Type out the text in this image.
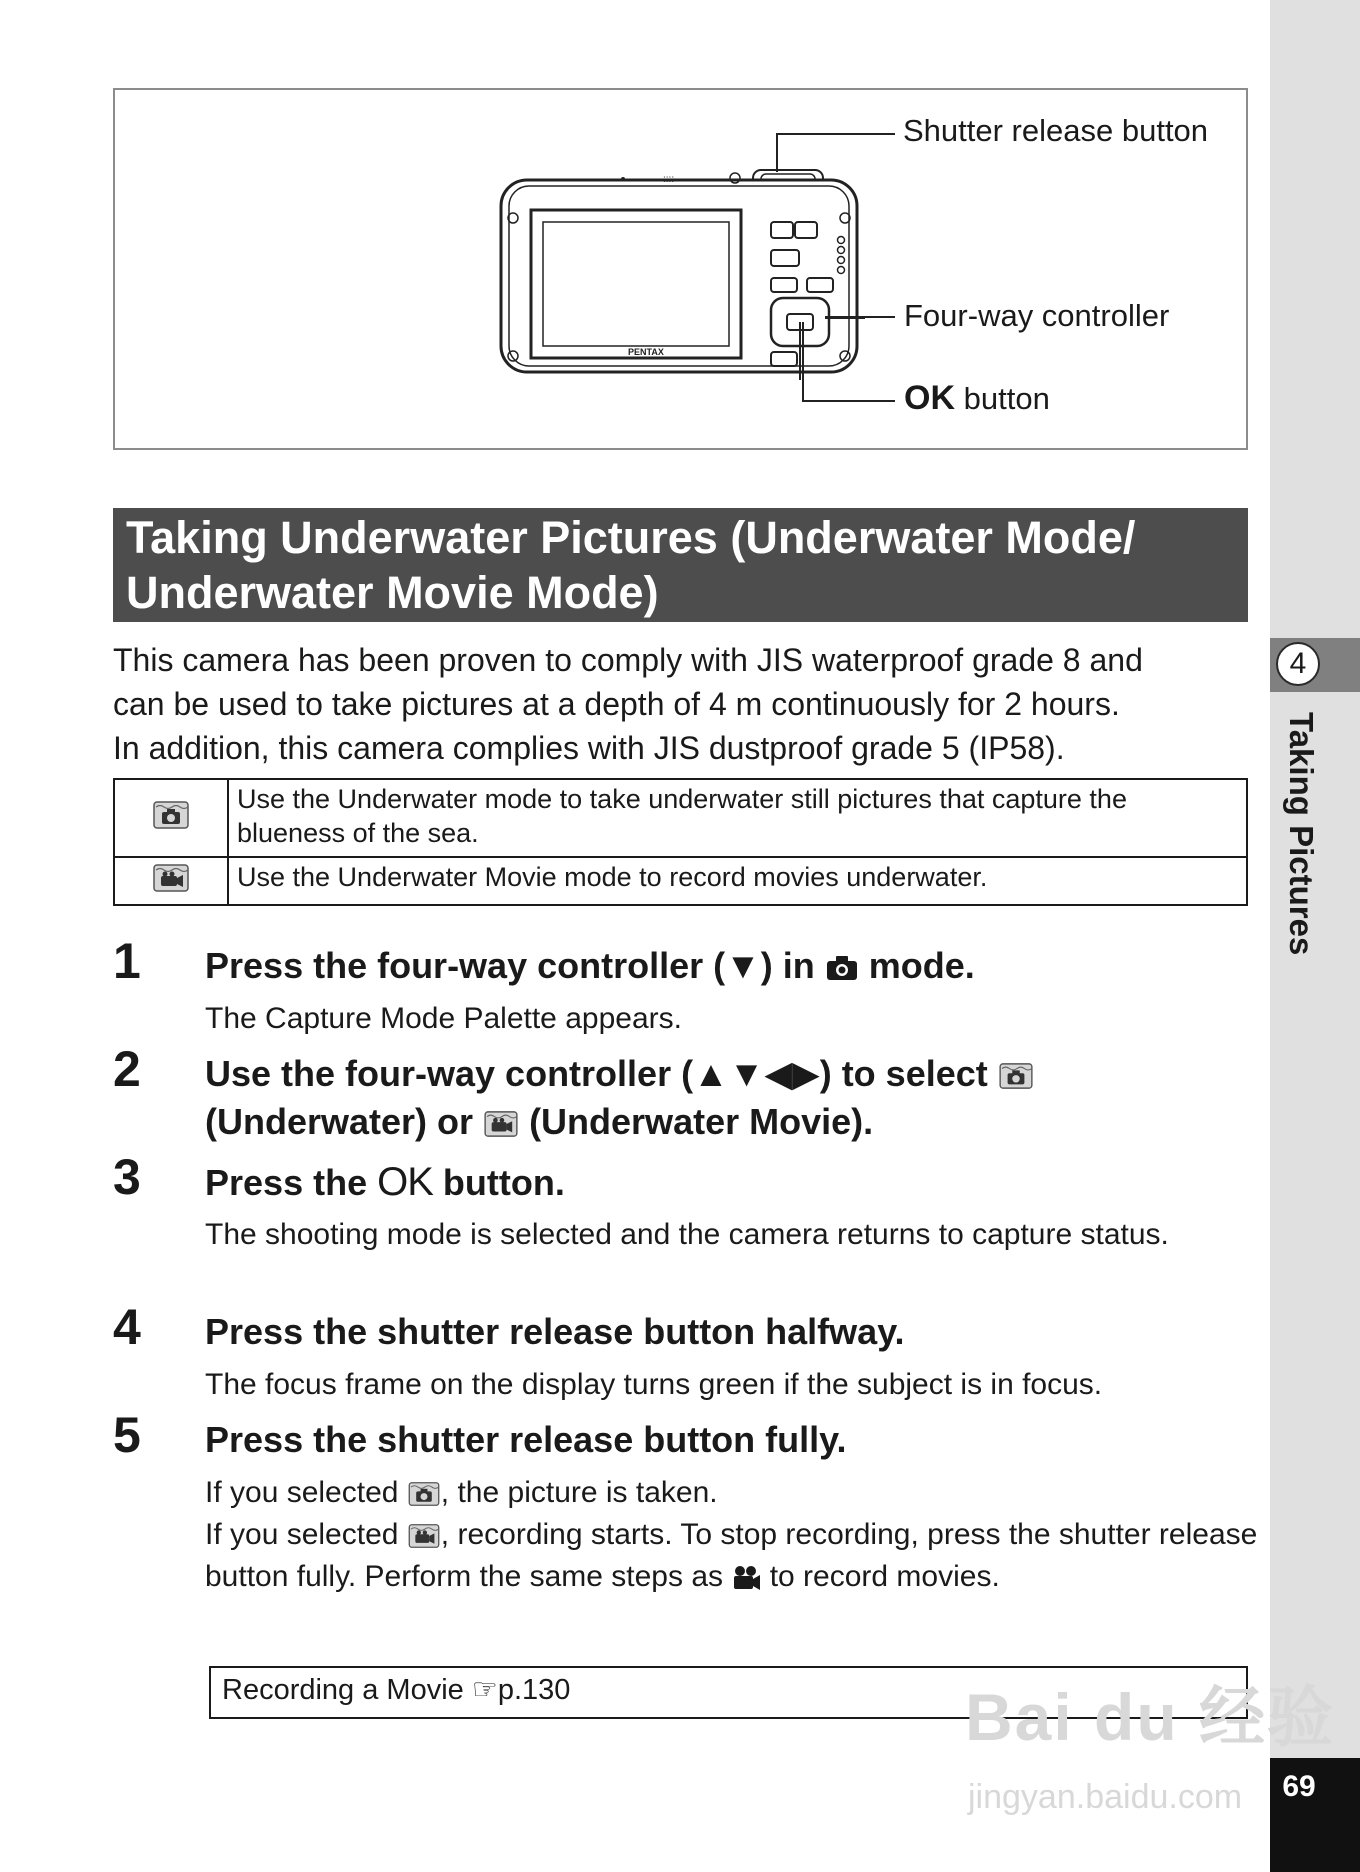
4
Taking Pictures
69
::::
PENTAX
Shutter release button
Four-way controller
OK button
Taking Underwater Pictures (Underwater Mode/
Underwater Movie Mode)
This camera has been proven to comply with JIS waterproof grade 8 and
can be used to take pictures at a depth of 4 m continuously for 2 hours.
In addition, this camera complies with JIS dustproof grade 5 (IP58).
	Use the Underwater mode to take underwater still pictures that capture the blueness of the sea.
	Use the Underwater Movie mode to record movies underwater.
1 Press the four-way controller (▼) in mode.
The Capture Mode Palette appears.
2 Use the four-way controller (▲▼◀▶) to select
(Underwater) or (Underwater Movie).
3 Press the OK button.
The shooting mode is selected and the camera returns to capture status.
4 Press the shutter release button halfway.
The focus frame on the display turns green if the subject is in focus.
5 Press the shutter release button fully.
If you selected , the picture is taken.
If you selected , recording starts. To stop recording, press the shutter release button fully. Perform the same steps as to record movies.
Recording a Movie ☞p.130	Bai du 经验
jingyan.baidu.com
